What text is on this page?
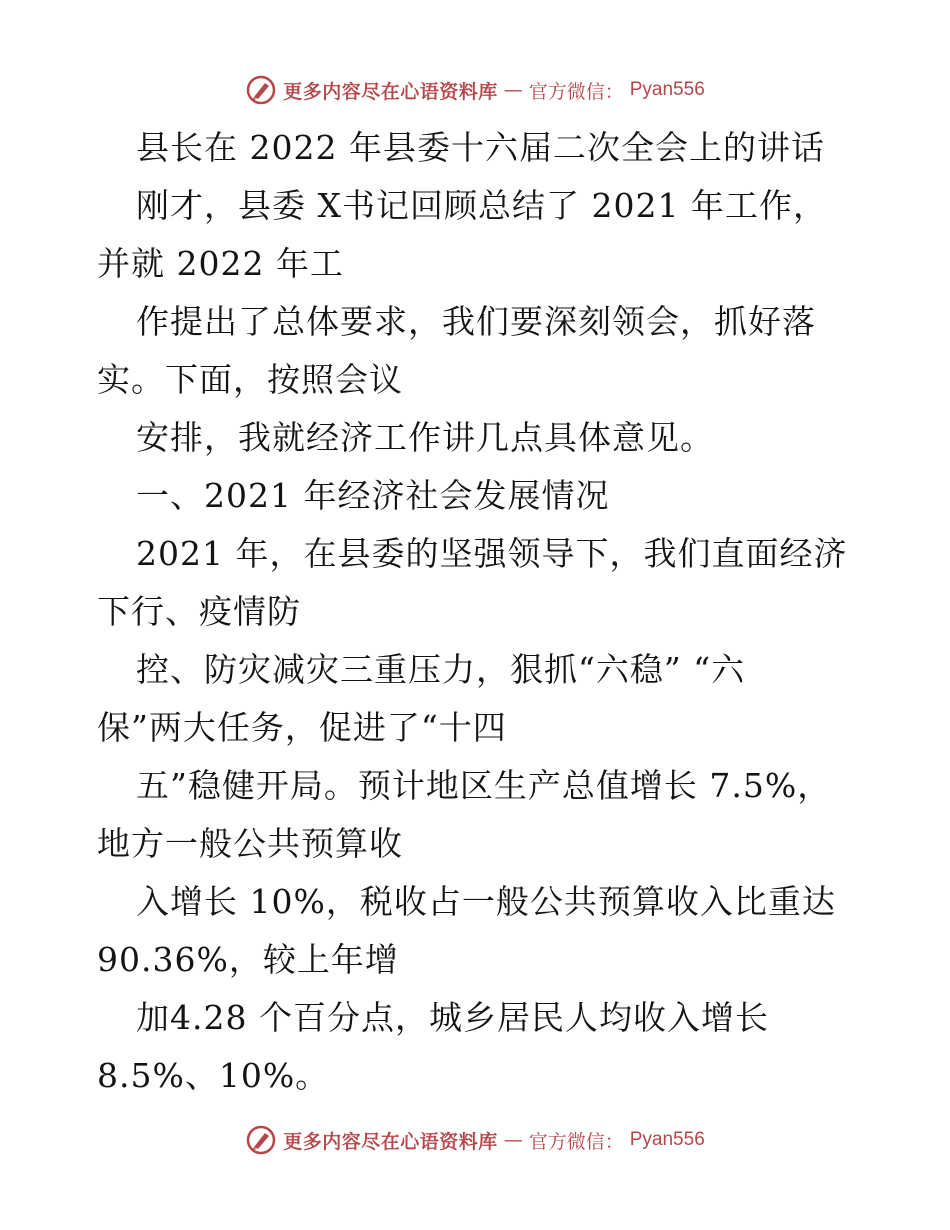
更多内容尽在心语资料库 — 官方微信： Pyan556
县长在 2022 年县委十六届二次全会上的讲话
刚才，县委 X书记回顾总结了 2021 年工作，
并就 2022 年工
作提出了总体要求，我们要深刻领会，抓好落
实。下面，按照会议
安排，我就经济工作讲几点具体意见。
一、2021 年经济社会发展情况
2021 年，在县委的坚强领导下，我们直面经济
下行、疫情防
控、防灾减灾三重压力，狠抓“六稳” “六
保”两大任务，促进了“十四
五”稳健开局。预计地区生产总值增长 7.5%，
地方一般公共预算收
入增长 10%，税收占一般公共预算收入比重达
90.36%，较上年增
加4.28 个百分点，城乡居民人均收入增长
8.5%、10%。
更多内容尽在心语资料库 — 官方微信： Pyan556
